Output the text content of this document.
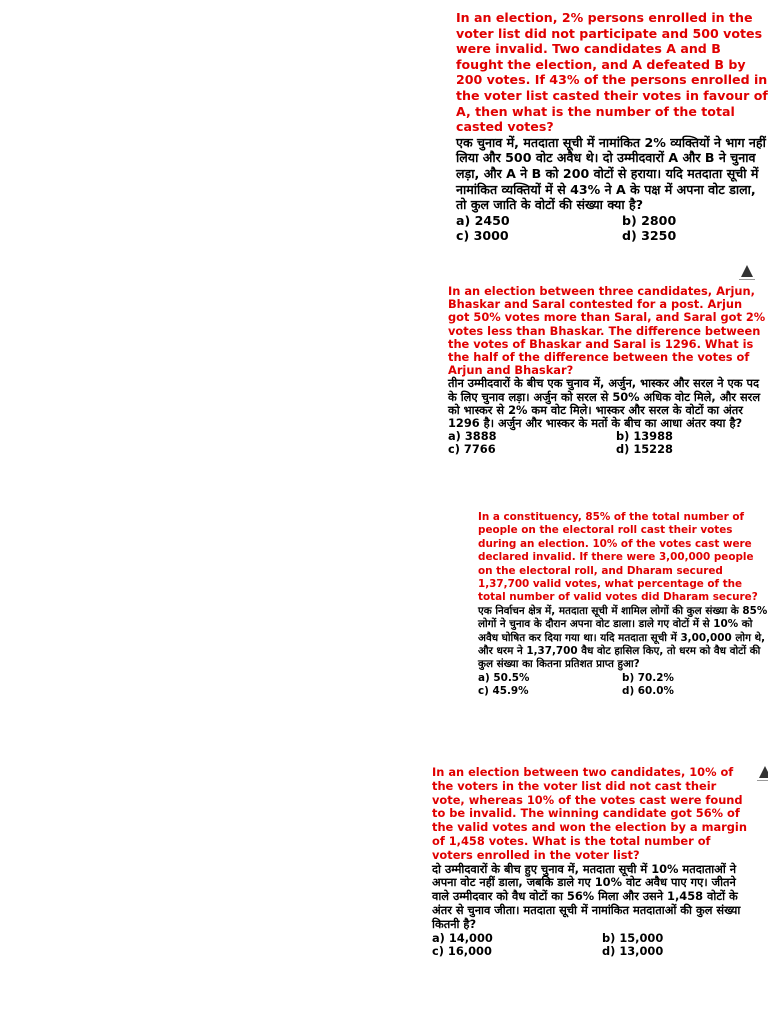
In an election, 2% persons enrolled in the voter list did not participate and 500 votes were invalid. Two candidates A and B fought the election, and A defeated B by 200 votes. If 43% of the persons enrolled in the voter list casted their votes in favour of A, then what is the number of the total casted votes?

एक चुनाव में, मतदाता सूची में नामांकित 2% व्यक्तियों ने भाग नहीं लिया और 500 वोट अवैध थे। दो उम्मीदवारों A और B ने चुनाव लड़ा, और A ने B को 200 वोटों से हराया। यदि मतदाता सूची में नामांकित व्यक्तियों में से 43% ने A के पक्ष में अपना वोट डाला, तो कुल जाति के वोटों की संख्या क्या है?

a) 2450	b) 2800
c) 3000	d) 3250

In an election between three candidates, Arjun, Bhaskar and Saral contested for a post. Arjun got 50% votes more than Saral, and Saral got 2% votes less than Bhaskar. The difference between the votes of Bhaskar and Saral is 1296. What is the half of the difference between the votes of Arjun and Bhaskar?

तीन उम्मीदवारों के बीच एक चुनाव में, अर्जुन, भास्कर और सरल ने एक पद के लिए चुनाव लड़ा। अर्जुन को सरल से 50% अधिक वोट मिले, और सरल को भास्कर से 2% कम वोट मिले। भास्कर और सरल के वोटों का अंतर 1296 है। अर्जुन और भास्कर के मतों के बीच का आधा अंतर क्या है?

a) 3888	b) 13988
c) 7766	d) 15228

In a constituency, 85% of the total number of people on the electoral roll cast their votes during an election. 10% of the votes cast were declared invalid. If there were 3,00,000 people on the electoral roll, and Dharam secured 1,37,700 valid votes, what percentage of the total number of valid votes did Dharam secure?

एक निर्वाचन क्षेत्र में, मतदाता सूची में शामिल लोगों की कुल संख्या के 85% लोगों ने चुनाव के दौरान अपना वोट डाला। डाले गए वोटों में से 10% को अवैध घोषित कर दिया गया था। यदि मतदाता सूची में 3,00,000 लोग थे, और धरम ने 1,37,700 वैध वोट हासिल किए, तो धरम को वैध वोटों की कुल संख्या का कितना प्रतिशत प्राप्त हुआ?

a) 50.5%	b) 70.2%
c) 45.9%	d) 60.0%

In an election between two candidates, 10% of the voters in the voter list did not cast their vote, whereas 10% of the votes cast were found to be invalid. The winning candidate got 56% of the valid votes and won the election by a margin of 1,458 votes. What is the total number of voters enrolled in the voter list?

दो उम्मीदवारों के बीच हुए चुनाव में, मतदाता सूची में 10% मतदाताओं ने अपना वोट नहीं डाला, जबकि डाले गए 10% वोट अवैध पाए गए। जीतने वाले उम्मीदवार को वैध वोटों का 56% मिला और उसने 1,458 वोटों के अंतर से चुनाव जीता। मतदाता सूची में नामांकित मतदाताओं की कुल संख्या कितनी है?

a) 14,000	b) 15,000
c) 16,000	d) 13,000
